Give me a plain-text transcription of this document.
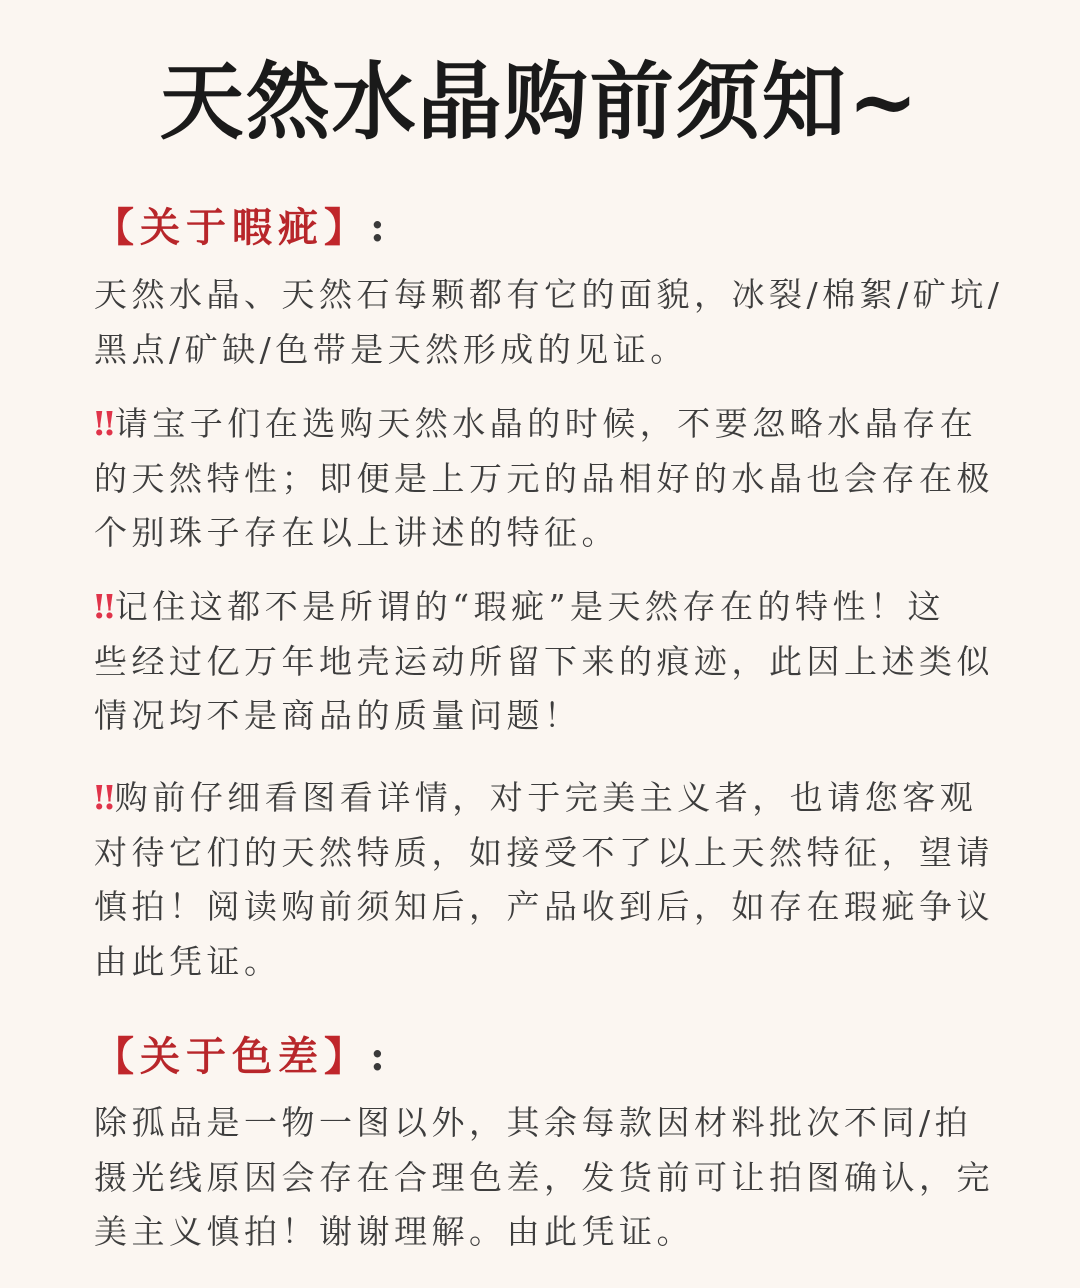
天然水晶购前须知~
【关于暇疵】:
天然水晶、天然石每颗都有它的面貌，冰裂/棉絮/矿坑/
黑点/矿缺/色带是天然形成的见证。
‼ 请宝子们在选购天然水晶的时候，不要忽略水晶存在
的天然特性；即便是上万元的品相好的水晶也会存在极
个别珠子存在以上讲述的特征。
‼ 记住这都不是所谓的“瑕疵”是天然存在的特性！这
些经过亿万年地壳运动所留下来的痕迹，此因上述类似
情况均不是商品的质量问题！
‼ 购前仔细看图看详情，对于完美主义者，也请您客观
对待它们的天然特质，如接受不了以上天然特征，望请
慎拍！阅读购前须知后，产品收到后，如存在瑕疵争议
由此凭证。
【关于色差】:
除孤品是一物一图以外，其余每款因材料批次不同/拍
摄光线原因会存在合理色差，发货前可让拍图确认，完
美主义慎拍！谢谢理解。由此凭证。
